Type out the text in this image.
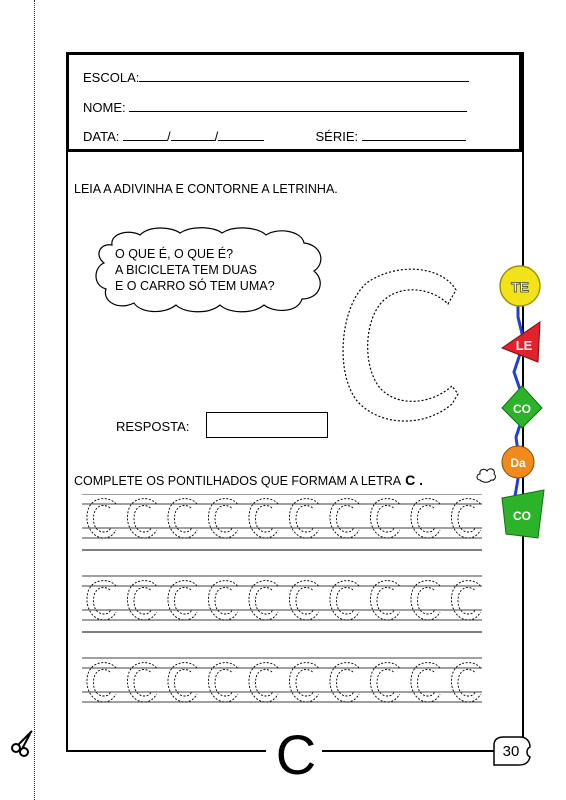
ESCOLA:
NOME:
DATA:	/	/	SÉRIE:
LEIA A ADIVINHA E CONTORNE A LETRINHA.
O QUE É, O QUE É?
A BICICLETA TEM DUAS
E O CARRO SÓ TEM UMA?
RESPOSTA:
COMPLETE OS PONTILHADOS QUE FORMAM A LETRA C .
C	30
TE
LE
CO
Da
CO
